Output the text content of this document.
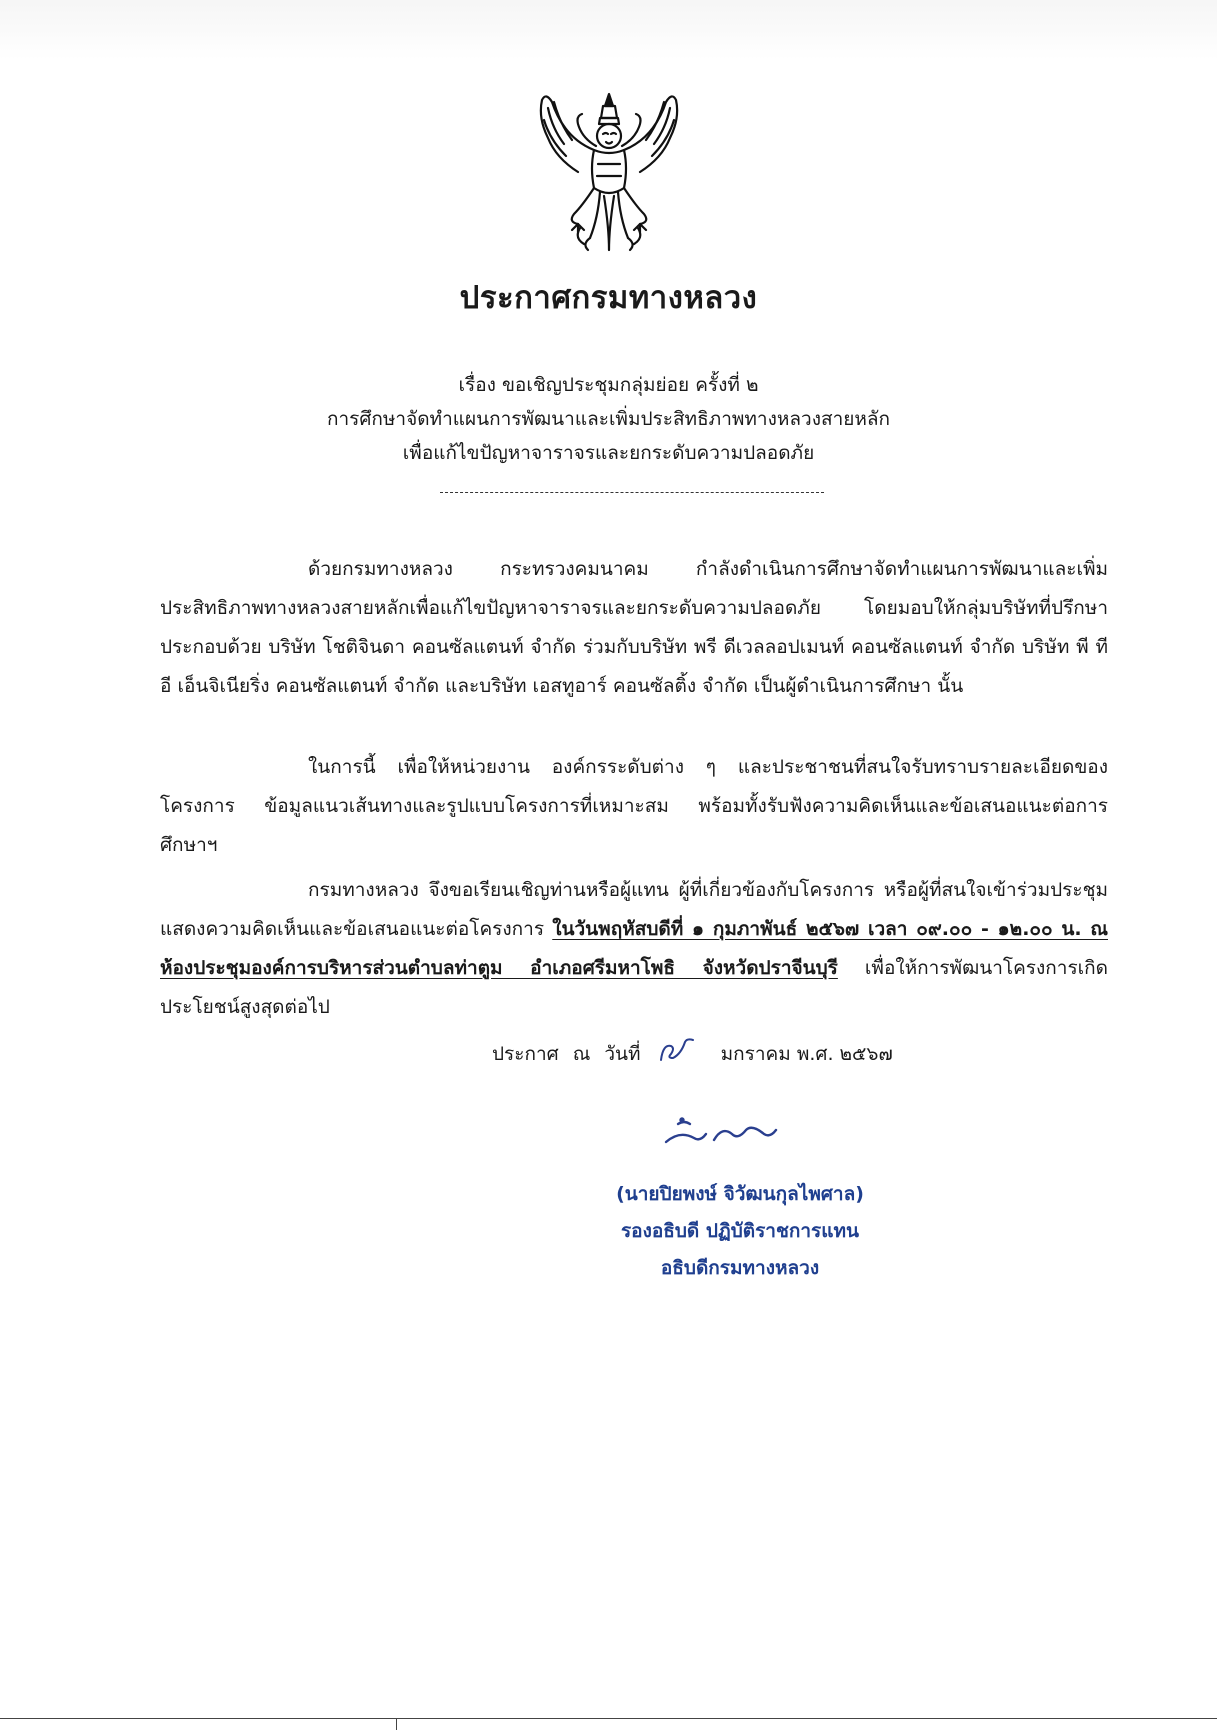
ประกาศกรมทางหลวง
เรื่อง ขอเชิญประชุมกลุ่มย่อย ครั้งที่ ๒
การศึกษาจัดทำแผนการพัฒนาและเพิ่มประสิทธิภาพทางหลวงสายหลัก
เพื่อแก้ไขปัญหาจาราจรและยกระดับความปลอดภัย
ด้วยกรมทางหลวง กระทรวงคมนาคม กำลังดำเนินการศึกษาจัดทำแผนการพัฒนาและเพิ่มประสิทธิภาพทางหลวงสายหลักเพื่อแก้ไขปัญหาจาราจรและยกระดับความปลอดภัย โดยมอบให้กลุ่มบริษัทที่ปรึกษา ประกอบด้วย บริษัท โชติจินดา คอนซัลแตนท์ จำกัด ร่วมกับบริษัท พรี ดีเวลลอปเมนท์ คอนซัลแตนท์ จำกัด บริษัท พี ที อี เอ็นจิเนียริ่ง คอนซัลแตนท์ จำกัด และบริษัท เอสทูอาร์ คอนซัลติ้ง จำกัด เป็นผู้ดำเนินการศึกษา นั้น
ในการนี้ เพื่อให้หน่วยงาน องค์กรระดับต่าง ๆ และประชาชนที่สนใจรับทราบรายละเอียดของโครงการ ข้อมูลแนวเส้นทางและรูปแบบโครงการที่เหมาะสม พร้อมทั้งรับฟังความคิดเห็นและข้อเสนอแนะต่อการศึกษาฯ
กรมทางหลวง จึงขอเรียนเชิญท่านหรือผู้แทน ผู้ที่เกี่ยวข้องกับโครงการ หรือผู้ที่สนใจเข้าร่วมประชุมแสดงความคิดเห็นและข้อเสนอแนะต่อโครงการ ในวันพฤหัสบดีที่ ๑ กุมภาพันธ์ ๒๕๖๗ เวลา ๐๙.๐๐ - ๑๒.๐๐ น. ณ ห้องประชุมองค์การบริหารส่วนตำบลท่าตูม อำเภอศรีมหาโพธิ จังหวัดปราจีนบุรี เพื่อให้การพัฒนาโครงการเกิดประโยชน์สูงสุดต่อไป
ประกาศ ณ วันที่	มกราคม พ.ศ. ๒๕๖๗
(นายปิยพงษ์ จิวัฒนกุลไพศาล)
รองอธิบดี ปฏิบัติราชการแทน
อธิบดีกรมทางหลวง
